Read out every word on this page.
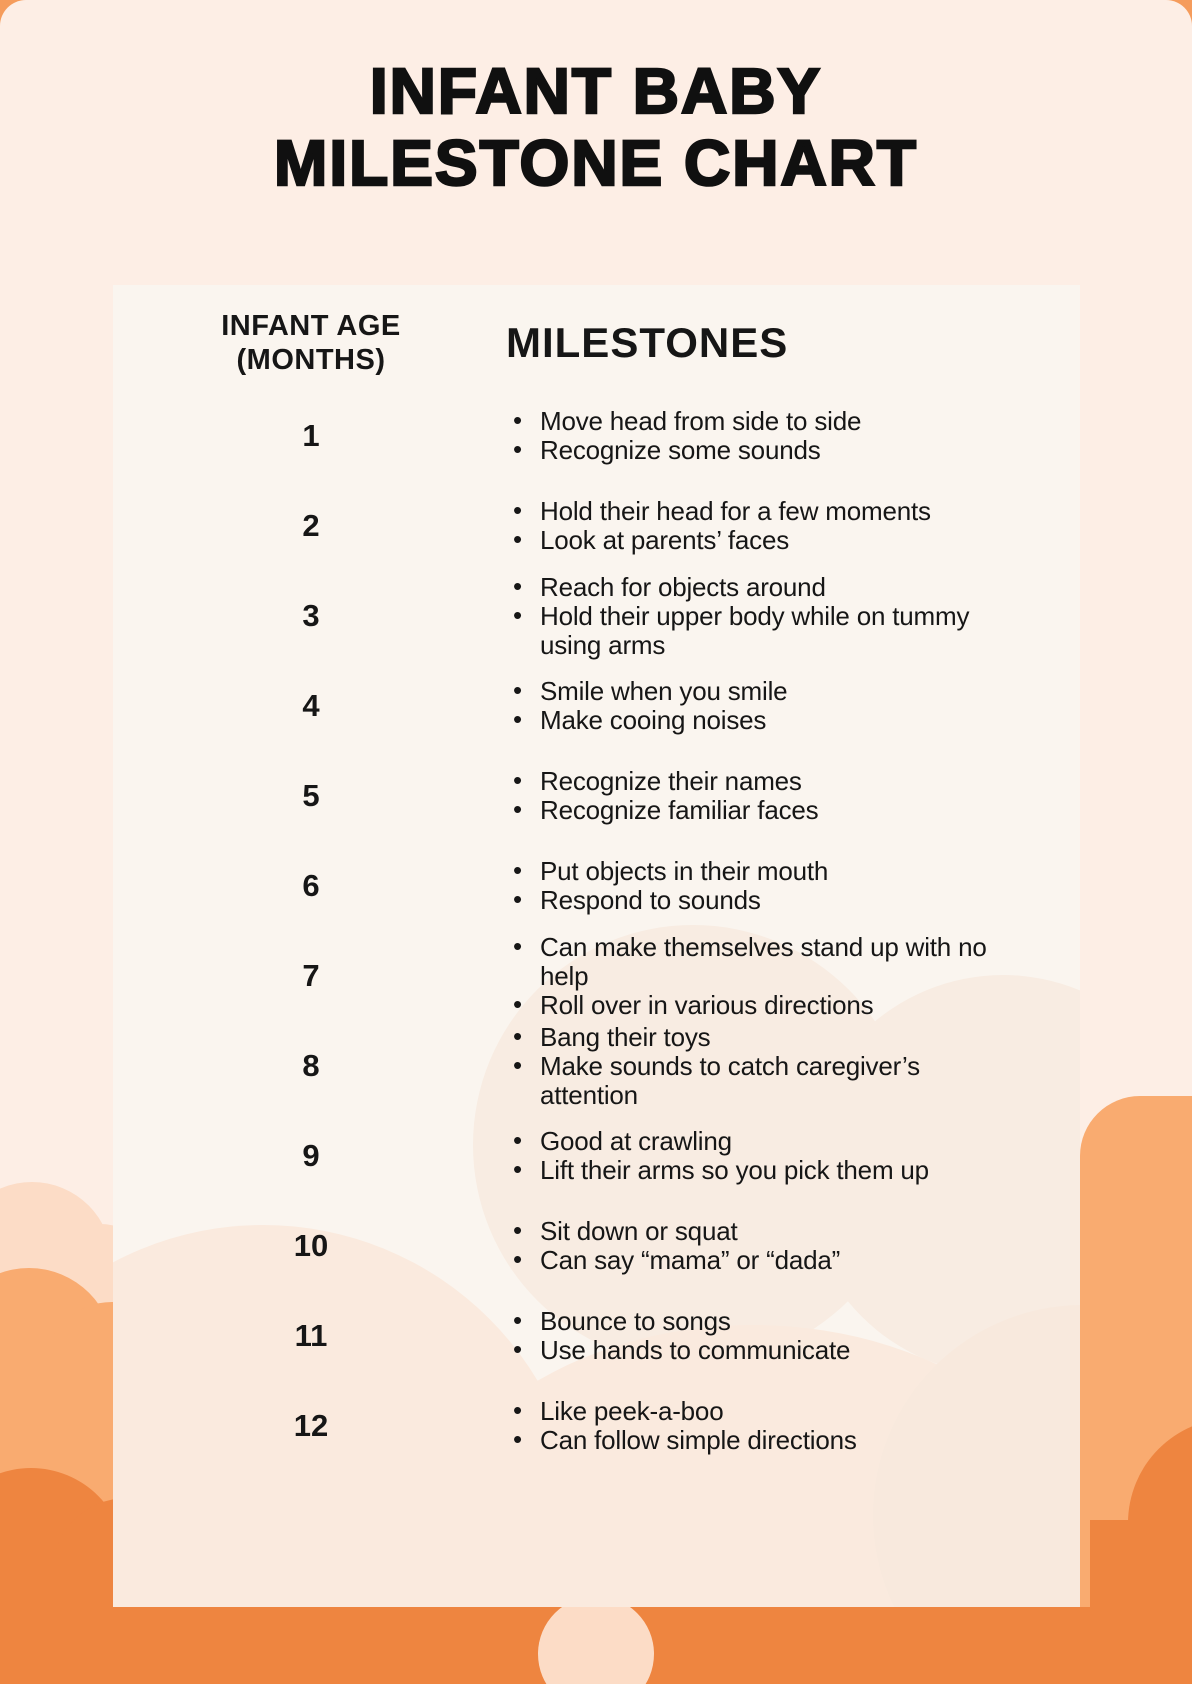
INFANT BABY
MILESTONE CHART
INFANT AGE
(MONTHS)	MILESTONES
1	• Move head from side to side
• Recognize some sounds
2	• Hold their head for a few moments
• Look at parents’ faces
3
• Reach for objects around
• Hold their upper body while on tummy using arms
4	• Smile when you smile
• Make cooing noises
5	• Recognize their names
• Recognize familiar faces
6	• Put objects in their mouth
• Respond to sounds
7
• Can make themselves stand up with no help
• Roll over in various directions
8
• Bang their toys
• Make sounds to catch caregiver’s attention
9	• Good at crawling
• Lift their arms so you pick them up
10	• Sit down or squat
• Can say “mama” or “dada”
11	• Bounce to songs
• Use hands to communicate
12	• Like peek-a-boo
• Can follow simple directions
